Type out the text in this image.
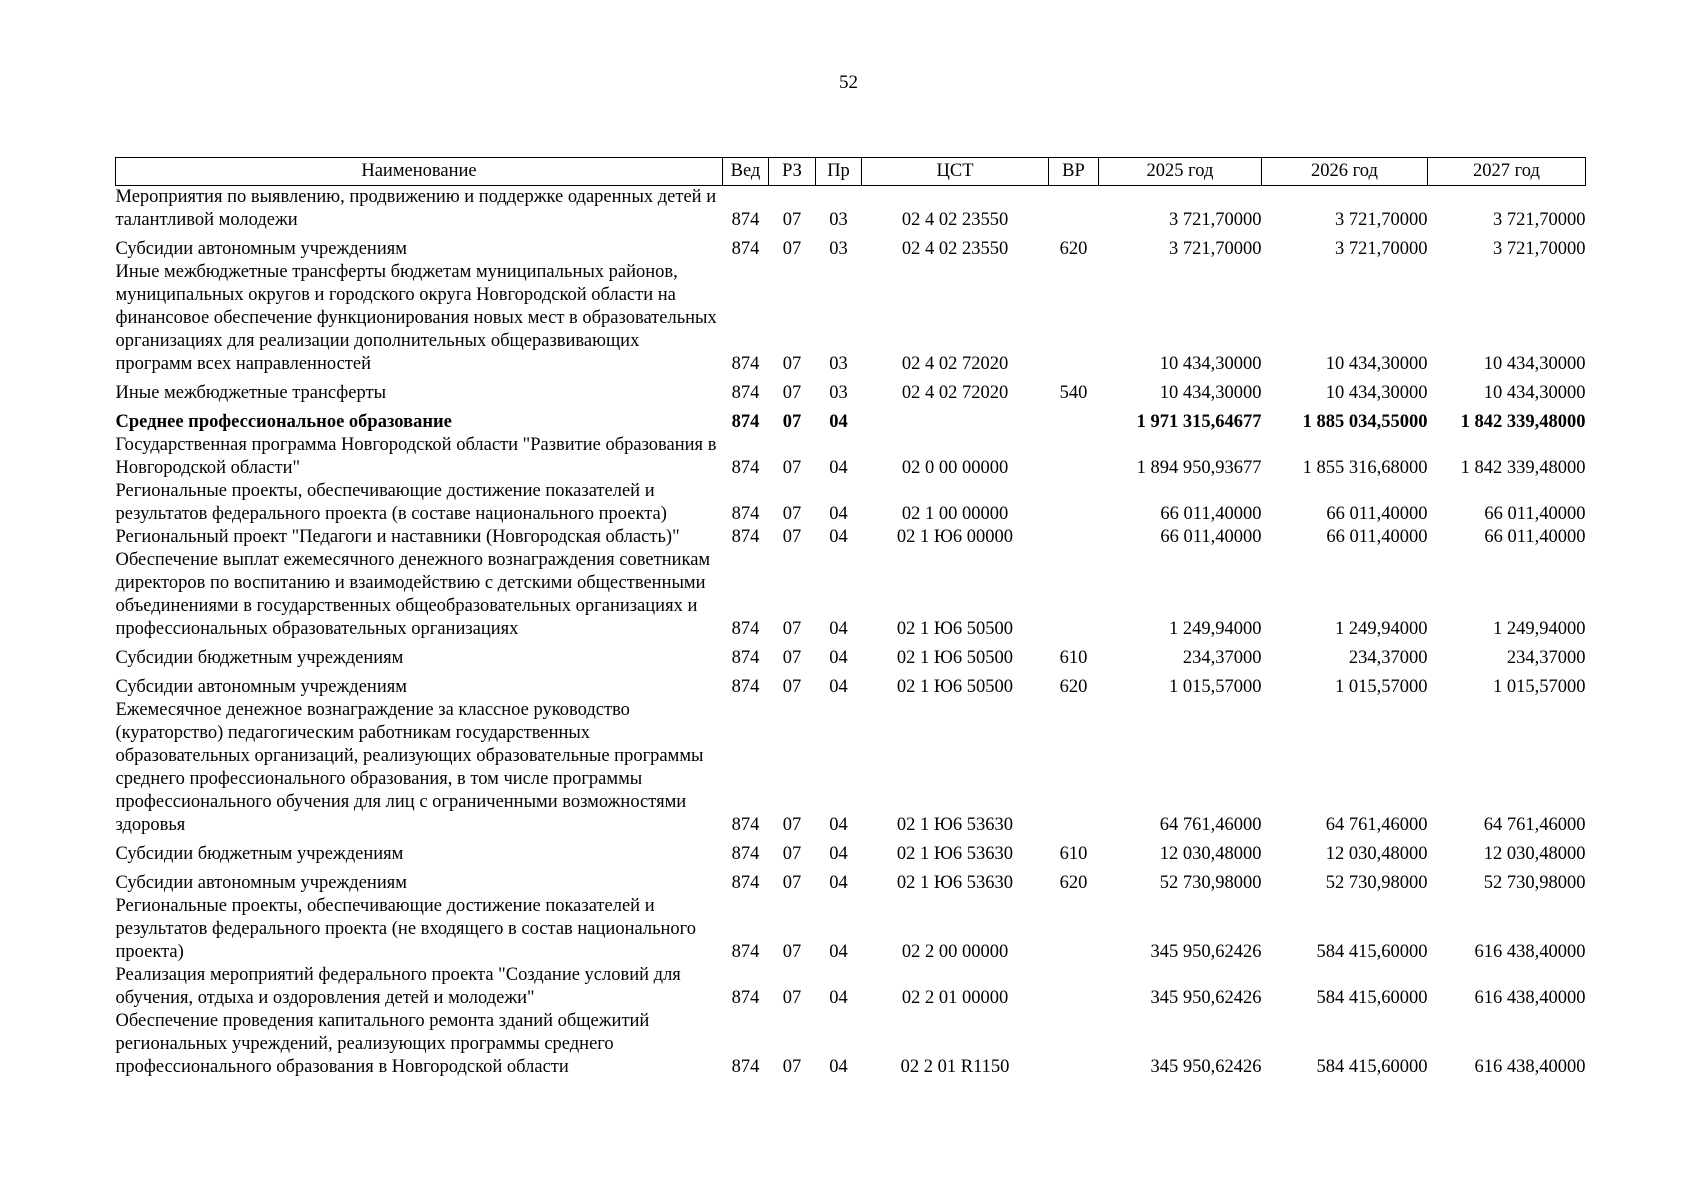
52
Наименование	Вед	РЗ	Пр	ЦСТ	ВР	2025 год	2026 год	2027 год
Мероприятия по выявлению, продвижению и поддержке одаренных детей и талантливой молодежи	874	07	03	02 4 02 23550		3 721,70000	3 721,70000	3 721,70000
Субсидии автономным учреждениям	874	07	03	02 4 02 23550	620	3 721,70000	3 721,70000	3 721,70000
Иные межбюджетные трансферты бюджетам муниципальных районов, муниципальных округов и городского округа Новгородской области на финансовое обеспечение функционирования новых мест в образовательных организациях для реализации дополнительных общеразвивающих программ всех направленностей	874	07	03	02 4 02 72020		10 434,30000	10 434,30000	10 434,30000
Иные межбюджетные трансферты	874	07	03	02 4 02 72020	540	10 434,30000	10 434,30000	10 434,30000
Среднее профессиональное образование	874	07	04			1 971 315,64677	1 885 034,55000	1 842 339,48000
Государственная программа Новгородской области "Развитие образования в Новгородской области"	874	07	04	02 0 00 00000		1 894 950,93677	1 855 316,68000	1 842 339,48000
Региональные проекты, обеспечивающие достижение показателей и результатов федерального проекта (в составе национального проекта)	874	07	04	02 1 00 00000		66 011,40000	66 011,40000	66 011,40000
Региональный проект "Педагоги и наставники (Новгородская область)"	874	07	04	02 1 Ю6 00000		66 011,40000	66 011,40000	66 011,40000
Обеспечение выплат ежемесячного денежного вознаграждения советникам директоров по воспитанию и взаимодействию с детскими общественными объединениями в государственных общеобразовательных организациях и профессиональных образовательных организациях	874	07	04	02 1 Ю6 50500		1 249,94000	1 249,94000	1 249,94000
Субсидии бюджетным учреждениям	874	07	04	02 1 Ю6 50500	610	234,37000	234,37000	234,37000
Субсидии автономным учреждениям	874	07	04	02 1 Ю6 50500	620	1 015,57000	1 015,57000	1 015,57000
Ежемесячное денежное вознаграждение за классное руководство (кураторство) педагогическим работникам государственных образовательных организаций, реализующих образовательные программы среднего профессионального образования, в том числе программы профессионального обучения для лиц с ограниченными возможностями здоровья	874	07	04	02 1 Ю6 53630		64 761,46000	64 761,46000	64 761,46000
Субсидии бюджетным учреждениям	874	07	04	02 1 Ю6 53630	610	12 030,48000	12 030,48000	12 030,48000
Субсидии автономным учреждениям	874	07	04	02 1 Ю6 53630	620	52 730,98000	52 730,98000	52 730,98000
Региональные проекты, обеспечивающие достижение показателей и результатов федерального проекта (не входящего в состав национального проекта)	874	07	04	02 2 00 00000		345 950,62426	584 415,60000	616 438,40000
Реализация мероприятий федерального проекта "Создание условий для обучения, отдыха и оздоровления детей и молодежи"	874	07	04	02 2 01 00000		345 950,62426	584 415,60000	616 438,40000
Обеспечение проведения капитального ремонта зданий общежитий региональных учреждений, реализующих программы среднего профессионального образования в Новгородской области	874	07	04	02 2 01 R1150		345 950,62426	584 415,60000	616 438,40000
